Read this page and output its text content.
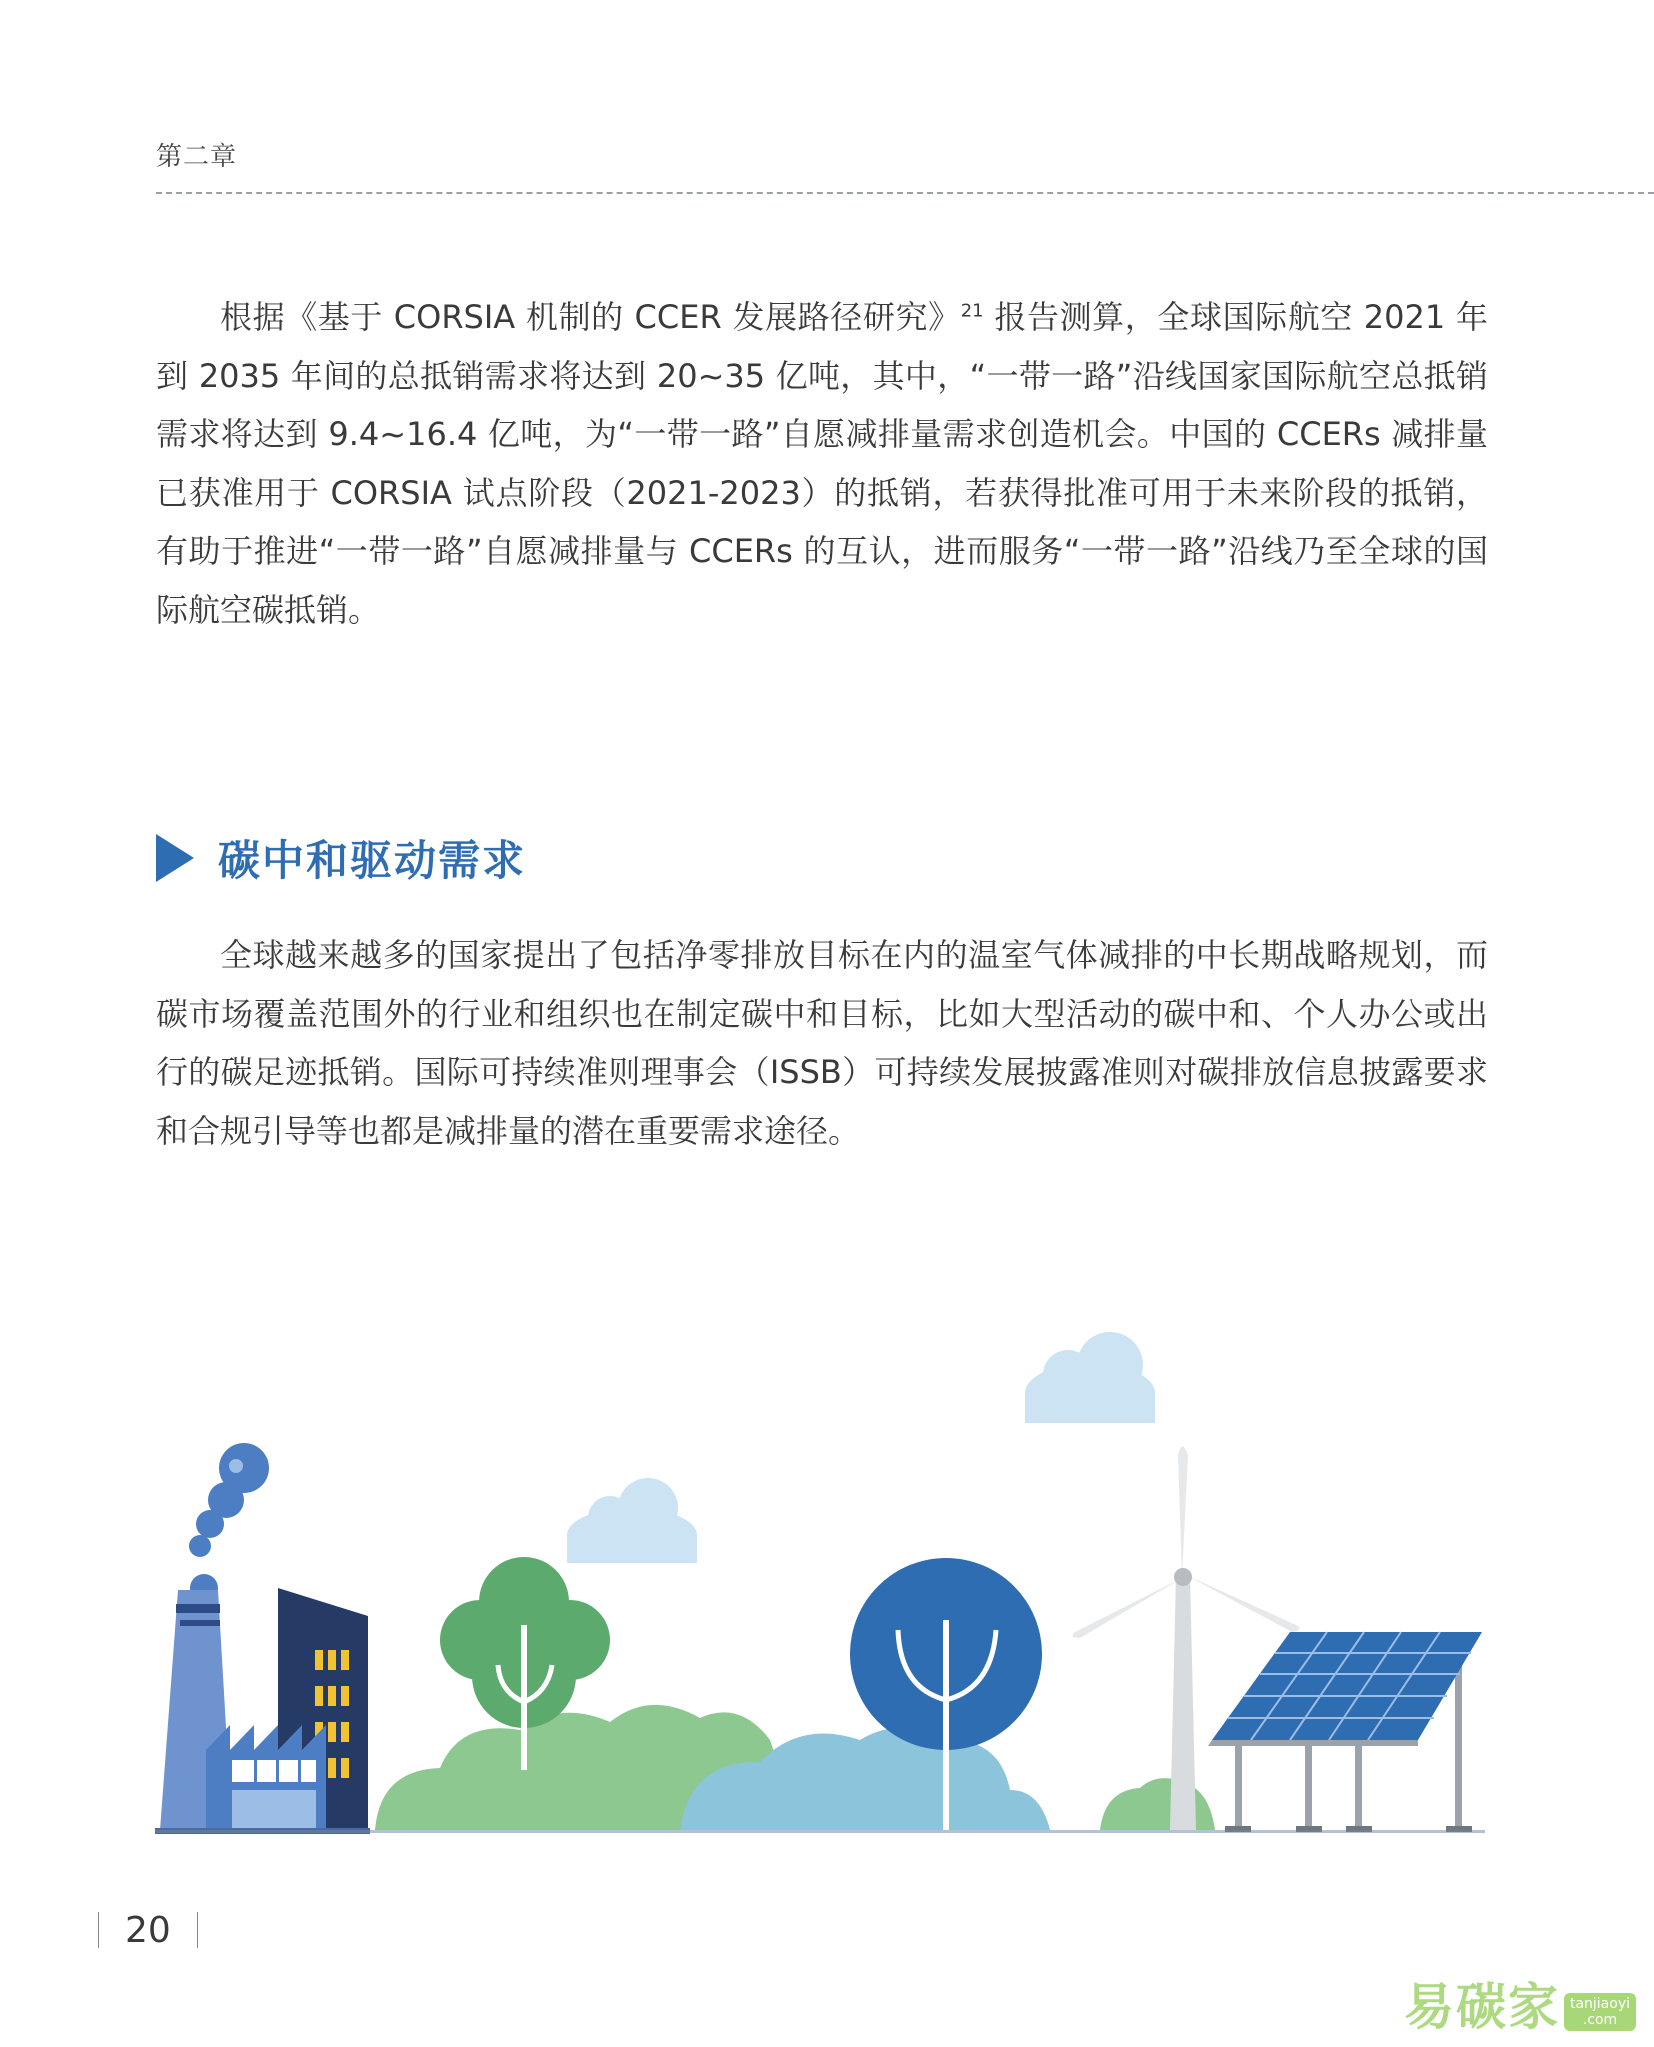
第二章

根据《基于 CORSIA 机制的 CCER 发展路径研究》$^{21}$ 报告测算，全球国际航空 2021 年到 2035 年间的总抵销需求将达到 20~35 亿吨，其中，“一带一路”沿线国家国际航空总抵销需求将达到 9.4~16.4 亿吨，为“一带一路”自愿减排量需求创造机会。中国的 CCERs 减排量已获准用于 CORSIA 试点阶段（2021-2023）的抵销，若获得批准可用于未来阶段的抵销，有助于推进“一带一路”自愿减排量与 CCERs 的互认，进而服务“一带一路”沿线乃至全球的国际航空碳抵销。

碳中和驱动需求

全球越来越多的国家提出了包括净零排放目标在内的温室气体减排的中长期战略规划，而碳市场覆盖范围外的行业和组织也在制定碳中和目标，比如大型活动的碳中和、个人办公或出行的碳足迹抵销。国际可持续准则理事会（ISSB）可持续发展披露准则对碳排放信息披露要求和合规引导等也都是减排量的潜在重要需求途径。

20
易碳家 tanjiaoyi
.com
